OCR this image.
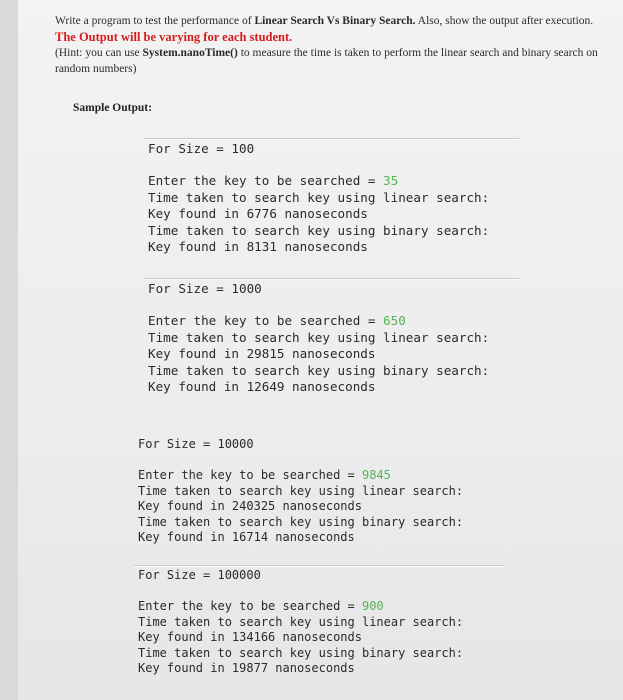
Write a program to test the performance of Linear Search Vs Binary Search. Also, show the output after execution. The Output will be varying for each student.

(Hint: you can use System.nanoTime() to measure the time is taken to perform the linear search and binary search on random numbers)

Sample Output:
For Size = 100
Enter the key to be searched = 35
Time taken to search key using linear search:
Key found in 6776 nanoseconds
Time taken to search key using binary search:
Key found in 8131 nanoseconds
For Size = 1000
Enter the key to be searched = 650
Time taken to search key using linear search:
Key found in 29815 nanoseconds
Time taken to search key using binary search:
Key found in 12649 nanoseconds
For Size = 10000
Enter the key to be searched = 9845
Time taken to search key using linear search:
Key found in 240325 nanoseconds
Time taken to search key using binary search:
Key found in 16714 nanoseconds
For Size = 100000
Enter the key to be searched = 900
Time taken to search key using linear search:
Key found in 134166 nanoseconds
Time taken to search key using binary search:
Key found in 19877 nanoseconds
